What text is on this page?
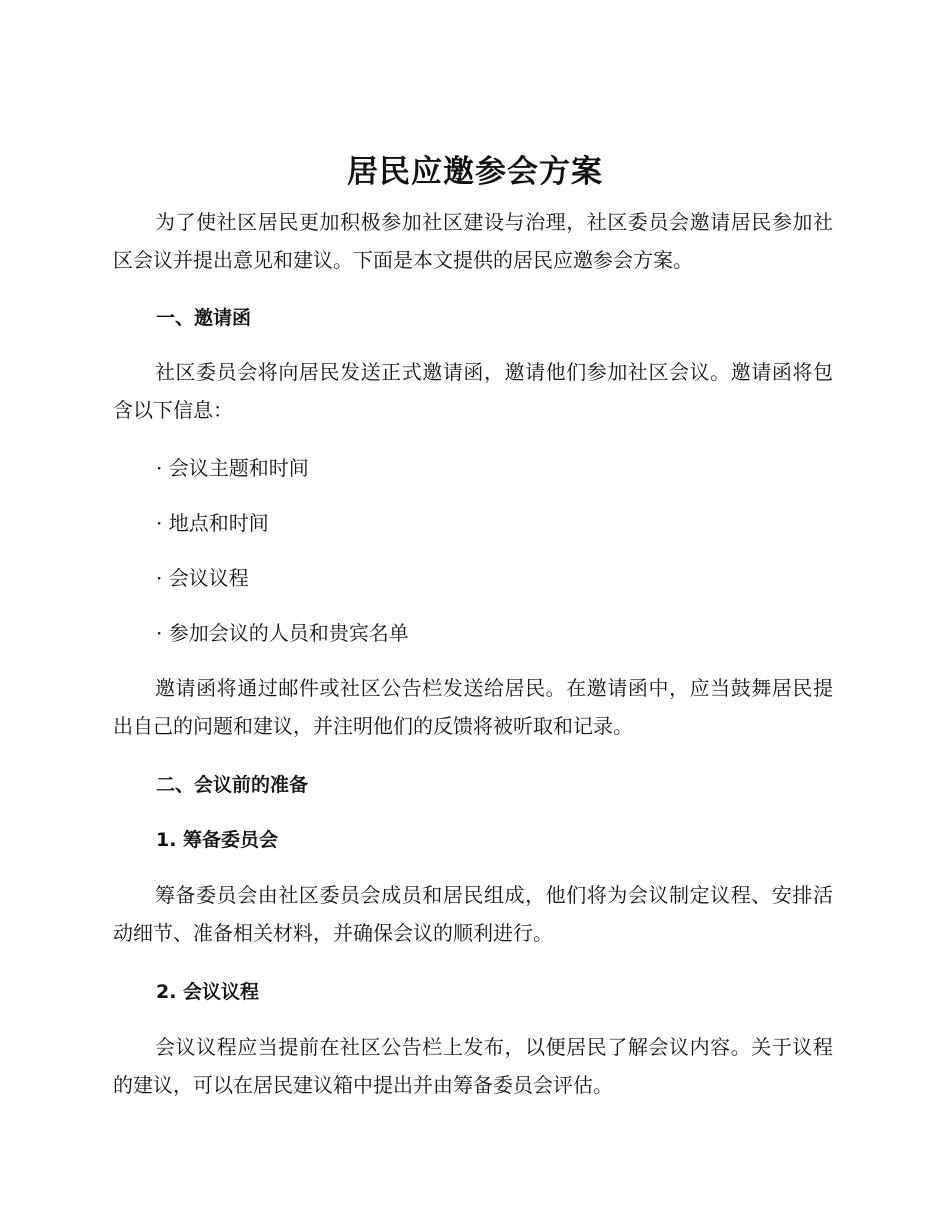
居民应邀参会方案

为了使社区居民更加积极参加社区建设与治理，社区委员会邀请居民参加社区会议并提出意见和建议。下面是本文提供的居民应邀参会方案。

一、邀请函

社区委员会将向居民发送正式邀请函，邀请他们参加社区会议。邀请函将包含以下信息：

· 会议主题和时间

· 地点和时间

· 会议议程

· 参加会议的人员和贵宾名单

邀请函将通过邮件或社区公告栏发送给居民。在邀请函中，应当鼓舞居民提出自己的问题和建议，并注明他们的反馈将被听取和记录。

二、会议前的准备
1. 筹备委员会

筹备委员会由社区委员会成员和居民组成，他们将为会议制定议程、安排活动细节、准备相关材料，并确保会议的顺利进行。

2. 会议议程

会议议程应当提前在社区公告栏上发布，以便居民了解会议内容。关于议程的建议，可以在居民建议箱中提出并由筹备委员会评估。
